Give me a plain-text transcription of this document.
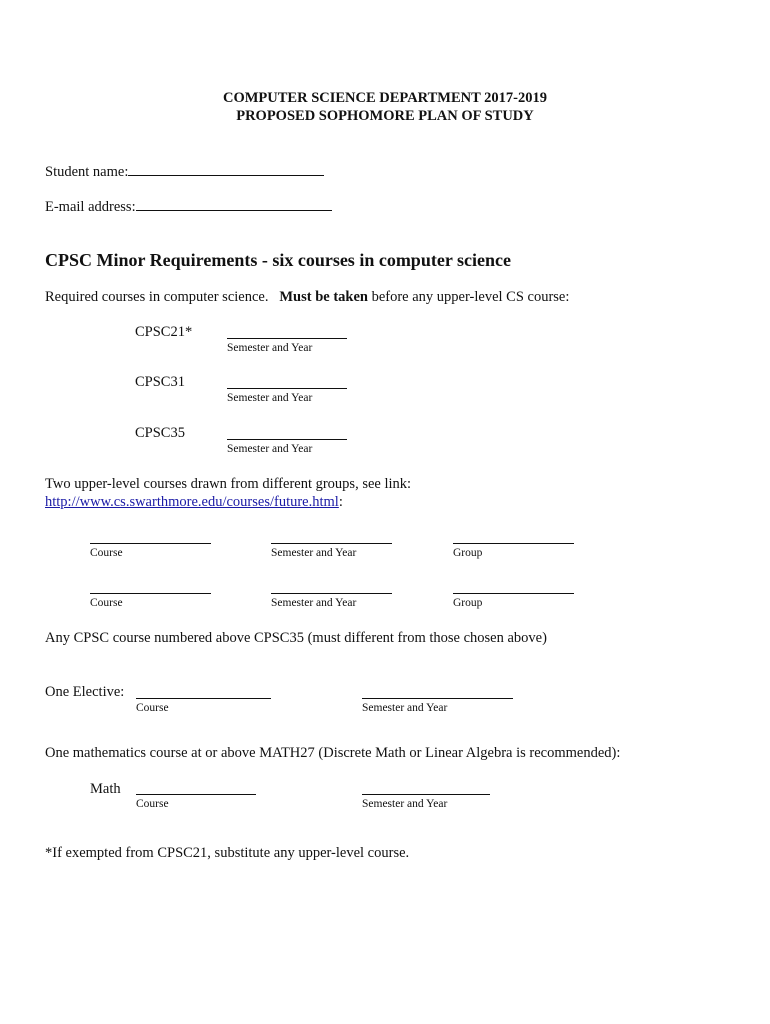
COMPUTER SCIENCE DEPARTMENT 2017-2019
PROPOSED SOPHOMORE PLAN OF STUDY
Student name:
E-mail address:
CPSC Minor Requirements - six courses in computer science
Required courses in computer science. Must be taken before any upper-level CS course:
CPSC21*
Semester and Year
CPSC31
Semester and Year
CPSC35
Semester and Year
Two upper-level courses drawn from different groups, see link:
http://www.cs.swarthmore.edu/courses/future.html:
Course	Semester and Year	Group
Course	Semester and Year	Group
Any CPSC course numbered above CPSC35 (must different from those chosen above)
One Elective:
Course	Semester and Year
One mathematics course at or above MATH27 (Discrete Math or Linear Algebra is recommended):
Math
Course	Semester and Year
*If exempted from CPSC21, substitute any upper-level course.
